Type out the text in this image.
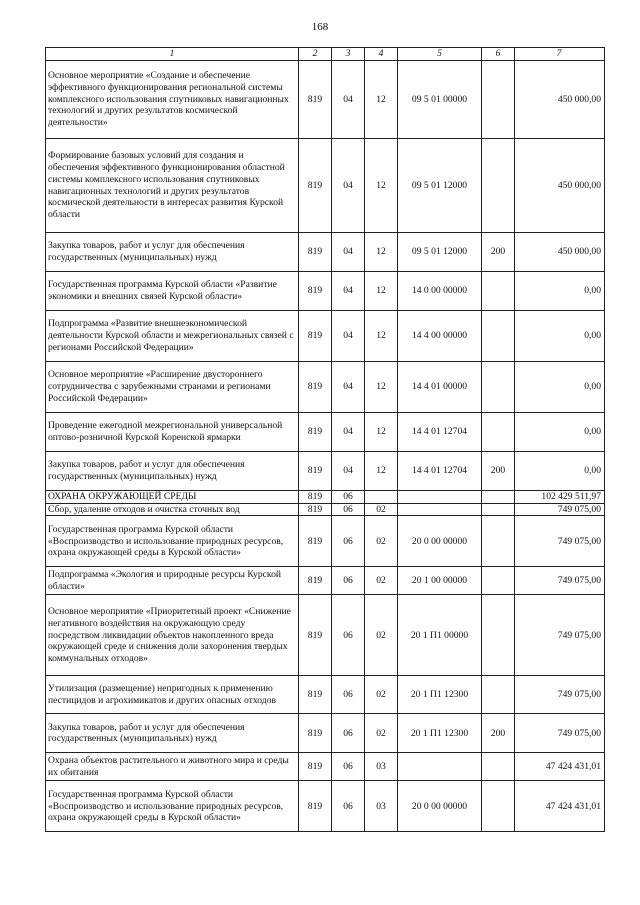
168
1	2	3	4	5	6	7
Основное мероприятие «Создание и обеспечение эффективного функционирования региональной системы комплексного использования спутниковых навигационных технологий и других результатов космической деятельности»	819	04	12	09 5 01 00000		450 000,00
Формирование базовых условий для создания и обеспечения эффективного функционирования областной системы комплексного использования спутниковых навигационных технологий и других результатов космической деятельности в интересах развития Курской области	819	04	12	09 5 01 12000		450 000,00
Закупка товаров, работ и услуг для обеспечения государственных (муниципальных) нужд	819	04	12	09 5 01 12000	200	450 000,00
Государственная программа Курской области «Развитие экономики и внешних связей Курской области»	819	04	12	14 0 00 00000		0,00
Подпрограмма «Развитие внешнеэкономической деятельности Курской области и межрегиональных связей с регионами Российской Федерации»	819	04	12	14 4 00 00000		0,00
Основное мероприятие «Расширение двустороннего сотрудничества с зарубежными странами и регионами Российской Федерации»	819	04	12	14 4 01 00000		0,00
Проведение ежегодной межрегиональной универсальной оптово-розничной Курской Коренской ярмарки	819	04	12	14 4 01 12704		0,00
Закупка товаров, работ и услуг для обеспечения государственных (муниципальных) нужд	819	04	12	14 4 01 12704	200	0,00
ОХРАНА ОКРУЖАЮЩЕЙ СРЕДЫ	819	06				102 429 511,97
Сбор, удаление отходов и очистка сточных вод	819	06	02			749 075,00
Государственная программа Курской области «Воспроизводство и использование природных ресурсов, охрана окружающей среды в Курской области»	819	06	02	20 0 00 00000		749 075,00
Подпрограмма «Экология и природные ресурсы Курской области»	819	06	02	20 1 00 00000		749 075,00
Основное мероприятие «Приоритетный проект «Снижение негативного воздействия на окружающую среду посредством ликвидации объектов накопленного вреда окружающей среде и снижения доли захоронения твердых коммунальных отходов»	819	06	02	20 1 П1 00000		749 075,00
Утилизация (размещение) непригодных к применению пестицидов и агрохимикатов и других опасных отходов	819	06	02	20 1 П1 12300		749 075,00
Закупка товаров, работ и услуг для обеспечения государственных (муниципальных) нужд	819	06	02	20 1 П1 12300	200	749 075,00
Охрана объектов растительного и животного мира и среды их обитания	819	06	03			47 424 431,01
Государственная программа Курской области «Воспроизводство и использование природных ресурсов, охрана окружающей среды в Курской области»	819	06	03	20 0 00 00000		47 424 431,01
